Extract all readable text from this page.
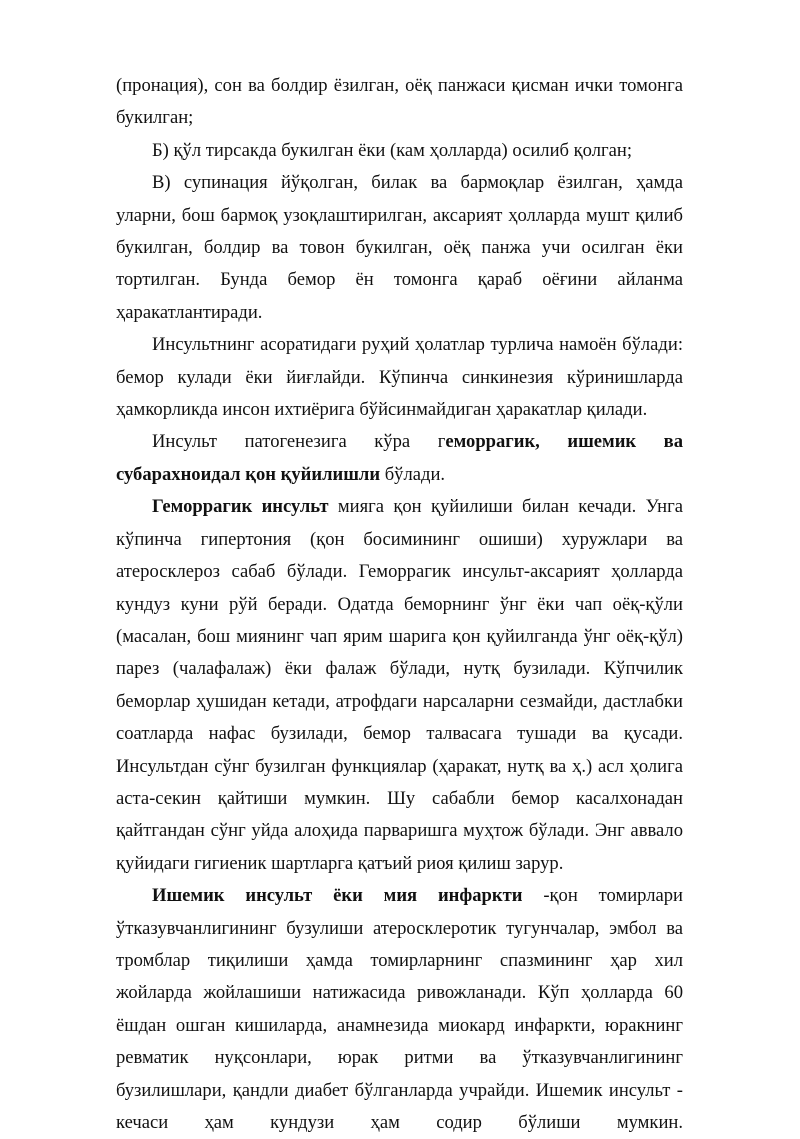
(пронация), сон ва болдир ёзилган, оёқ панжаси қисман ички томонга букилган;

Б) қўл тирсакда букилган ёки (кам ҳолларда) осилиб қолган;

В) супинация йўқолган, билак ва бармоқлар ёзилган, ҳамда уларни, бош бармоқ узоқлаштирилган, аксарият ҳолларда мушт қилиб букилган, болдир ва товон букилган, оёқ панжа учи осилган ёки тортилган. Бунда бемор ён томонга қараб оёғини айланма ҳаракатлантиради.

Инсультнинг асоратидаги руҳий ҳолатлар турлича намоён бўлади: бемор кулади ёки йиғлайди. Кўпинча синкинезия кўринишларда ҳамкорликда инсон ихтиёрига бўйсинмайдиган ҳаракатлар қилади.

Инсульт патогенезига кўра геморрагик, ишемик ва субарахноидал қон қуйилишли бўлади.

Геморрагик инсульт мияга қон қуйилиши билан кечади. Унга кўпинча гипертония (қон босимининг ошиши) хуружлари ва атеросклероз сабаб бўлади. Геморрагик инсульт-аксарият ҳолларда кундуз куни рўй беради. Одатда беморнинг ўнг ёки чап оёқ-қўли (масалан, бош миянинг чап ярим шарига қон қуйилганда ўнг оёқ-қўл) парез (чалафалаж) ёки фалаж бўлади, нутқ бузилади. Кўпчилик беморлар ҳушидан кетади, атрофдаги нарсаларни сезмайди, дастлабки соатларда нафас бузилади, бемор талвасага тушади ва қусади. Инсультдан сўнг бузилган функциялар (ҳаракат, нутқ ва ҳ.) асл ҳолига аста-секин қайтиши мумкин. Шу сабабли бемор касалхонадан қайтгандан сўнг уйда алоҳида парваришга муҳтож бўлади. Энг аввало қуйидаги гигиеник шартларга қатъий риоя қилиш зарур.

Ишемик инсульт ёки мия инфаркти -қон томирлари ўтказувчанлигининг бузулиши атеросклеротик тугунчалар, эмбол ва тромблар тиқилиши ҳамда томирларнинг спазмининг ҳар хил жойларда жойлашиши натижасида ривожланади. Кўп ҳолларда 60 ёшдан ошган кишиларда, анамнезида миокард инфаркти, юракнинг ревматик нуқсонлари, юрак ритми ва ўтказувчанлигининг бузилишлари, қандли диабет бўлганларда учрайди. Ишемик инсульт - кечаси ҳам кундузи ҳам содир бўлиши мумкин.
